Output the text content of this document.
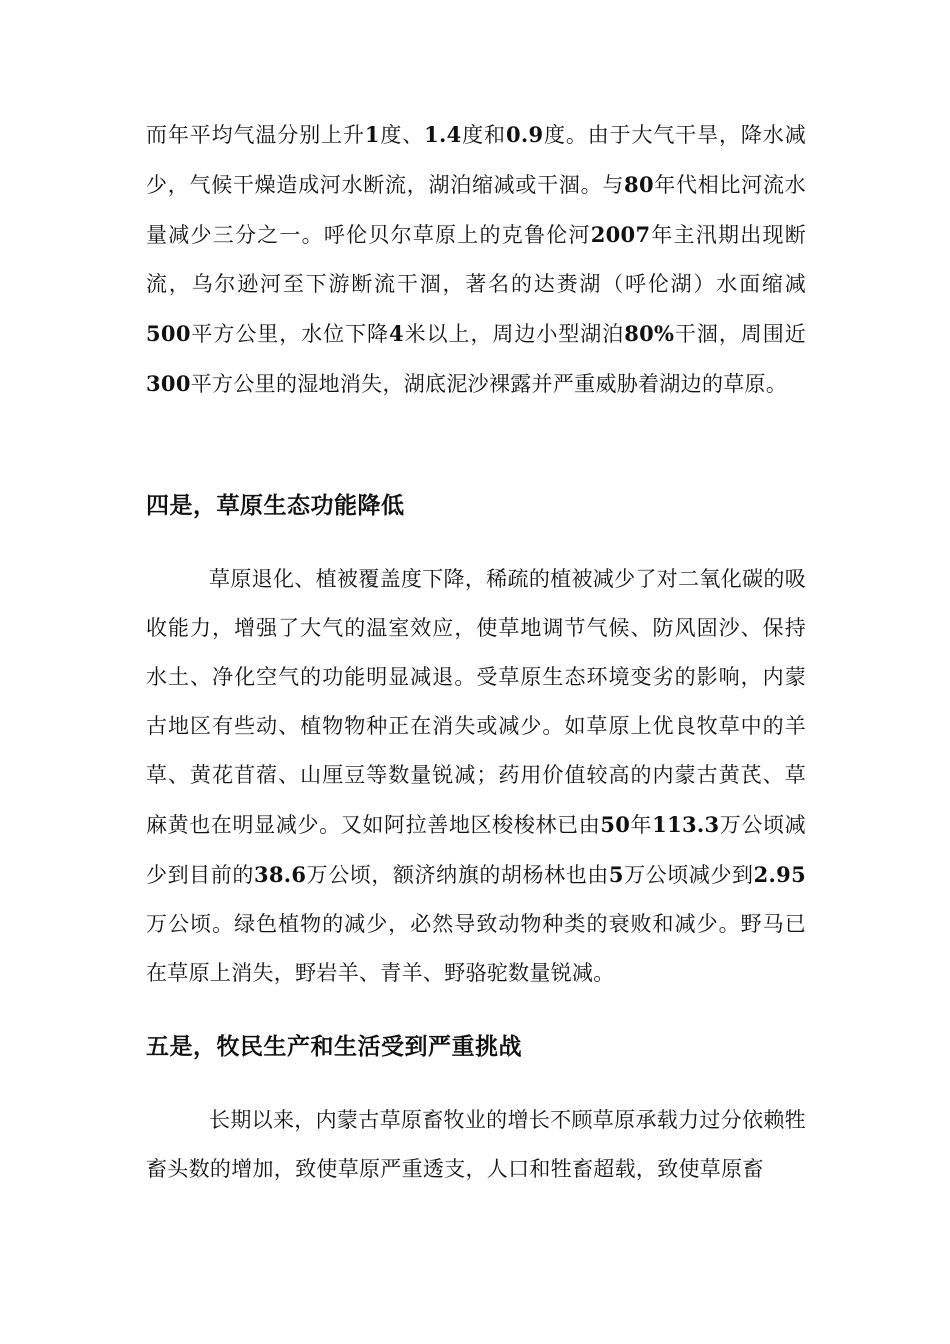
而年平均气温分别上升1度、1.4度和0.9度。由于大气干旱，降水减少，气候干燥造成河水断流，湖泊缩减或干涸。与80年代相比河流水量减少三分之一。呼伦贝尔草原上的克鲁伦河2007年主汛期出现断流，乌尔逊河至下游断流干涸，著名的达赉湖（呼伦湖）水面缩减500平方公里，水位下降4米以上，周边小型湖泊80%干涸，周围近300平方公里的湿地消失，湖底泥沙裸露并严重威胁着湖边的草原。

四是，草原生态功能降低

草原退化、植被覆盖度下降，稀疏的植被减少了对二氧化碳的吸收能力，增强了大气的温室效应，使草地调节气候、防风固沙、保持水土、净化空气的功能明显减退。受草原生态环境变劣的影响，内蒙古地区有些动、植物物种正在消失或减少。如草原上优良牧草中的羊草、黄花苜蓿、山厘豆等数量锐减；药用价值较高的内蒙古黄芪、草麻黄也在明显减少。又如阿拉善地区梭梭林已由50年113.3万公顷减少到目前的38.6万公顷，额济纳旗的胡杨林也由5万公顷减少到2.95万公顷。绿色植物的减少，必然导致动物种类的衰败和减少。野马已在草原上消失，野岩羊、青羊、野骆驼数量锐减。

五是，牧民生产和生活受到严重挑战

长期以来，内蒙古草原畜牧业的增长不顾草原承载力过分依赖牲畜头数的增加，致使草原严重透支，人口和牲畜超载，致使草原畜
